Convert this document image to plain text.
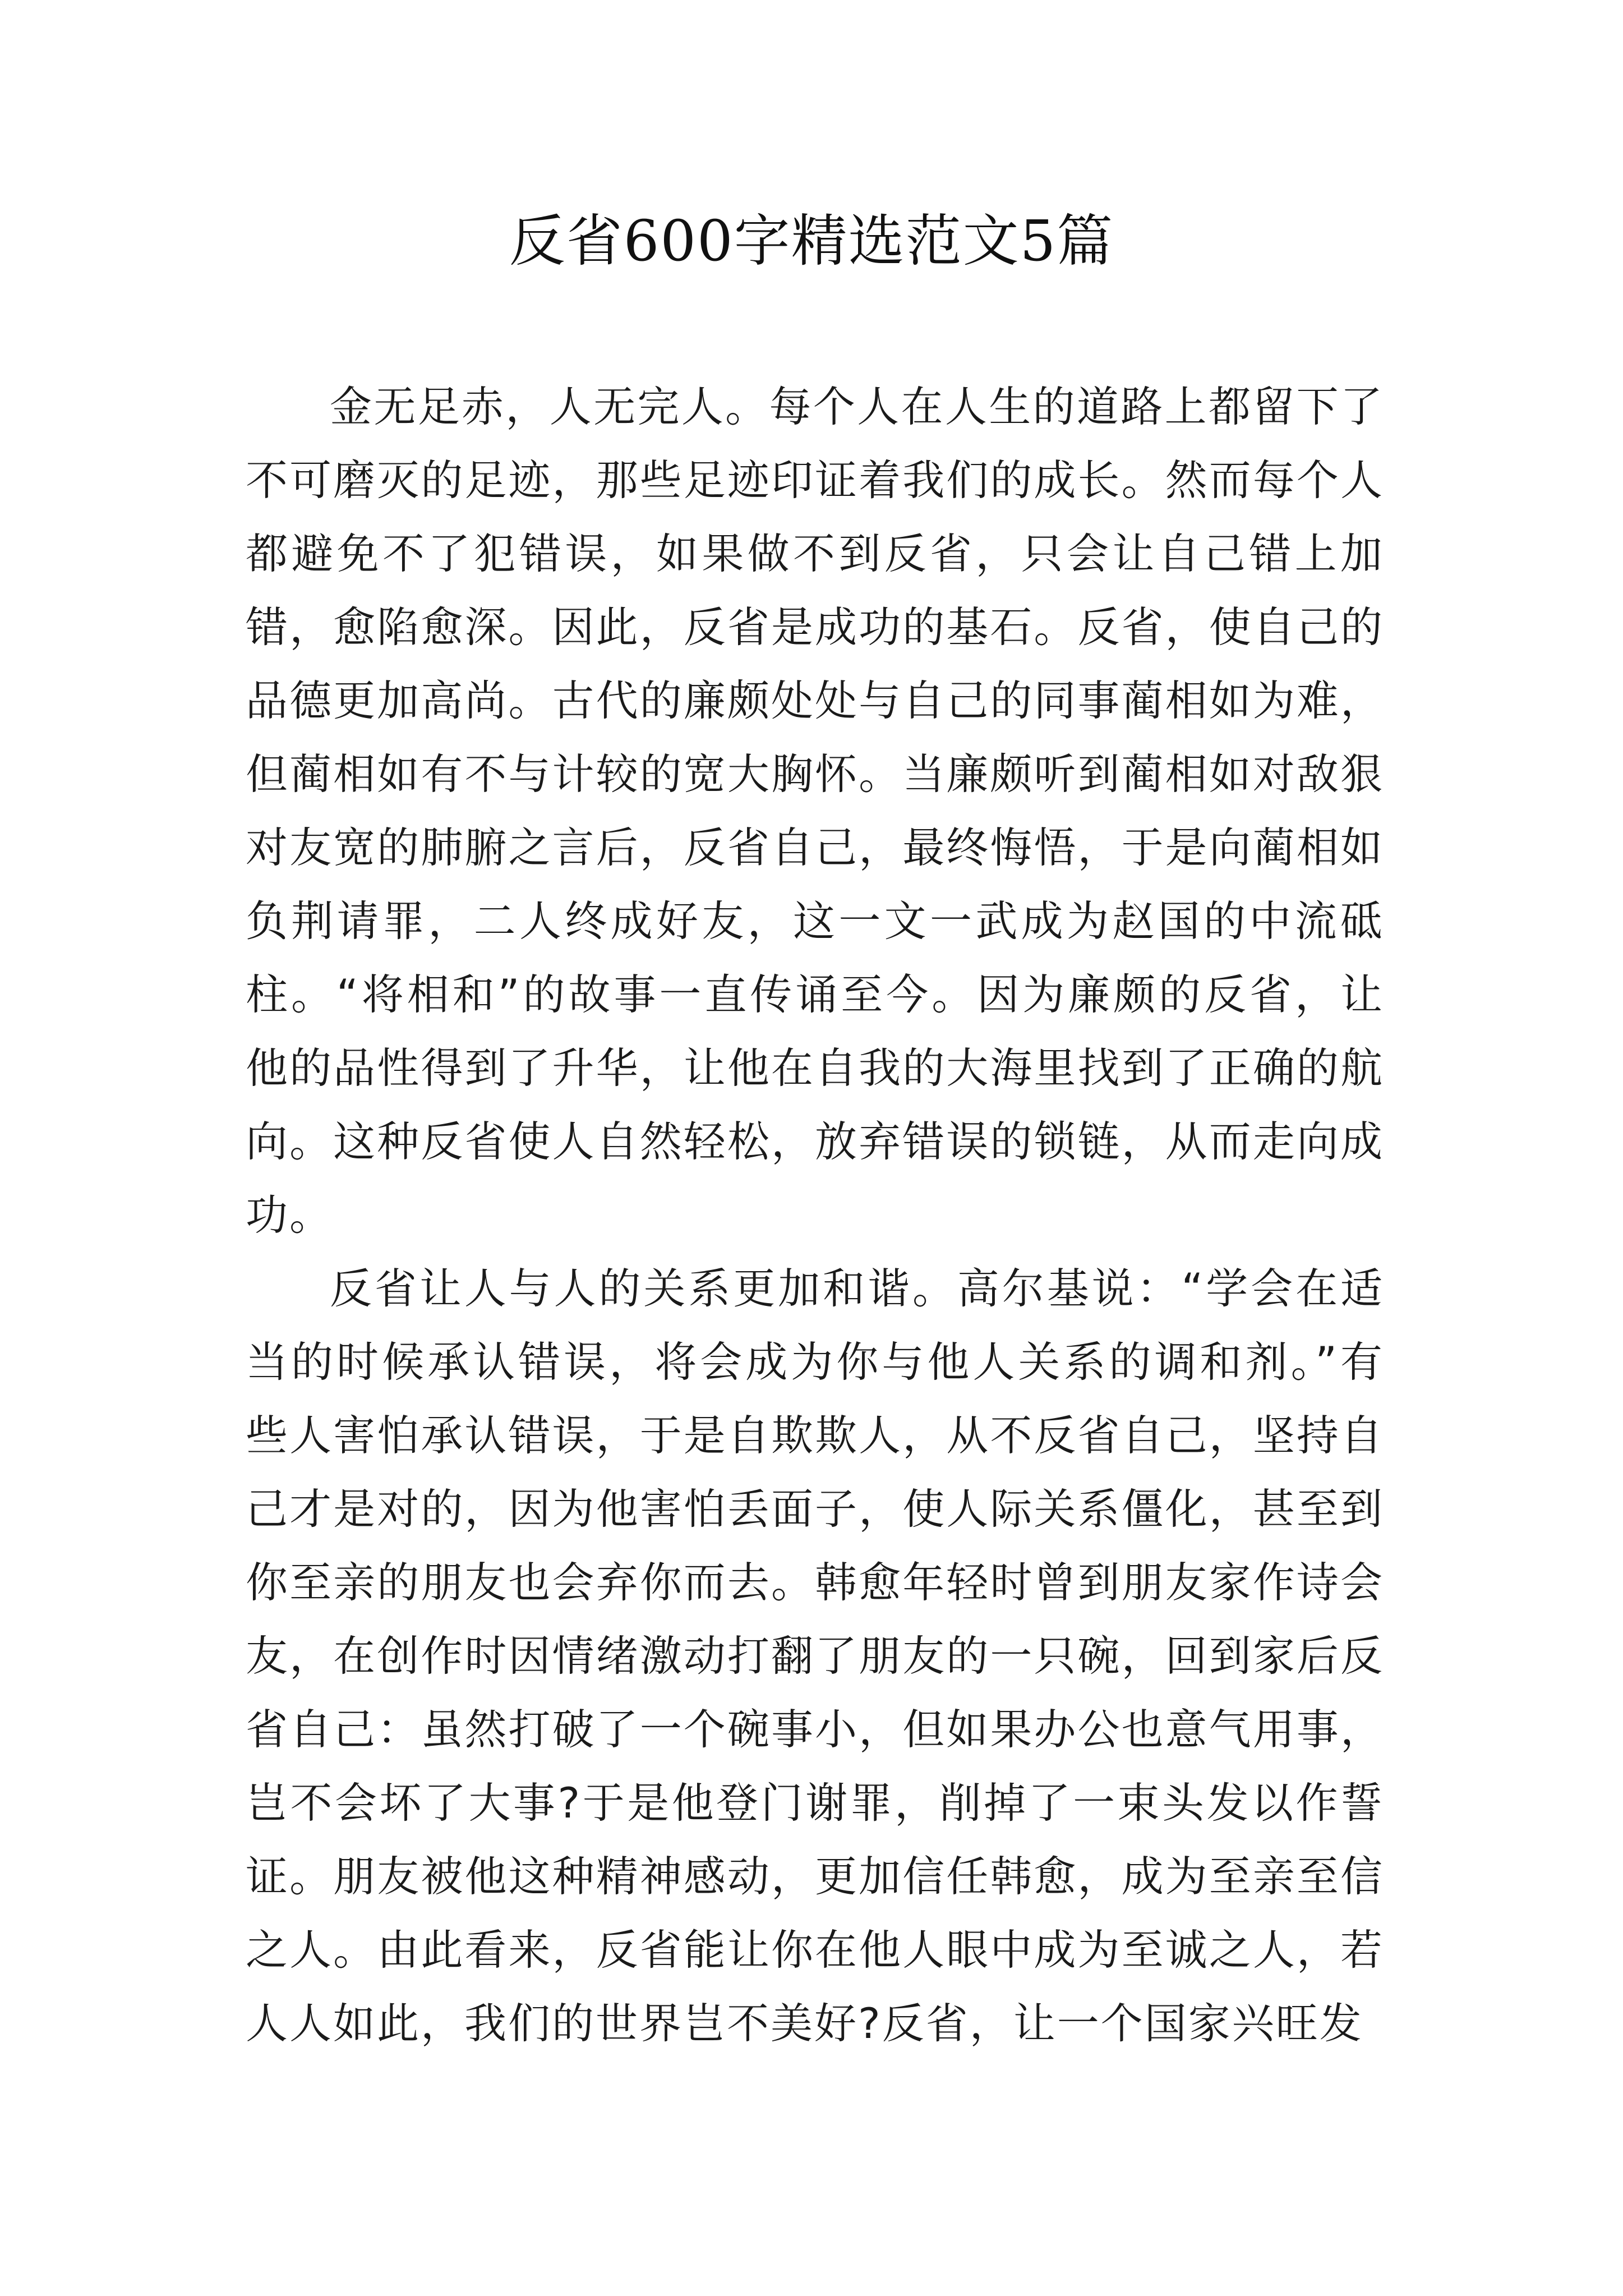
反省600字精选范文5篇

金无足赤，人无完人。每个人在人生的道路上都留下了不可磨灭的足迹，那些足迹印证着我们的成长。然而每个人都避免不了犯错误，如果做不到反省，只会让自己错上加错，愈陷愈深。因此，反省是成功的基石。反省，使自己的品德更加高尚。古代的廉颇处处与自己的同事蔺相如为难，但蔺相如有不与计较的宽大胸怀。当廉颇听到蔺相如对敌狠对友宽的肺腑之言后，反省自己，最终悔悟，于是向蔺相如负荆请罪，二人终成好友，这一文一武成为赵国的中流砥柱。“将相和”的故事一直传诵至今。因为廉颇的反省，让他的品性得到了升华，让他在自我的大海里找到了正确的航向。这种反省使人自然轻松，放弃错误的锁链，从而走向成功。

反省让人与人的关系更加和谐。高尔基说：“学会在适当的时候承认错误，将会成为你与他人关系的调和剂。”有些人害怕承认错误，于是自欺欺人，从不反省自己，坚持自己才是对的，因为他害怕丢面子，使人际关系僵化，甚至到你至亲的朋友也会弃你而去。韩愈年轻时曾到朋友家作诗会友，在创作时因情绪激动打翻了朋友的一只碗，回到家后反省自己：虽然打破了一个碗事小，但如果办公也意气用事，岂不会坏了大事?于是他登门谢罪，削掉了一束头发以作誓证。朋友被他这种精神感动，更加信任韩愈，成为至亲至信之人。由此看来，反省能让你在他人眼中成为至诚之人，若人人如此，我们的世界岂不美好?反省，让一个国家兴旺发
